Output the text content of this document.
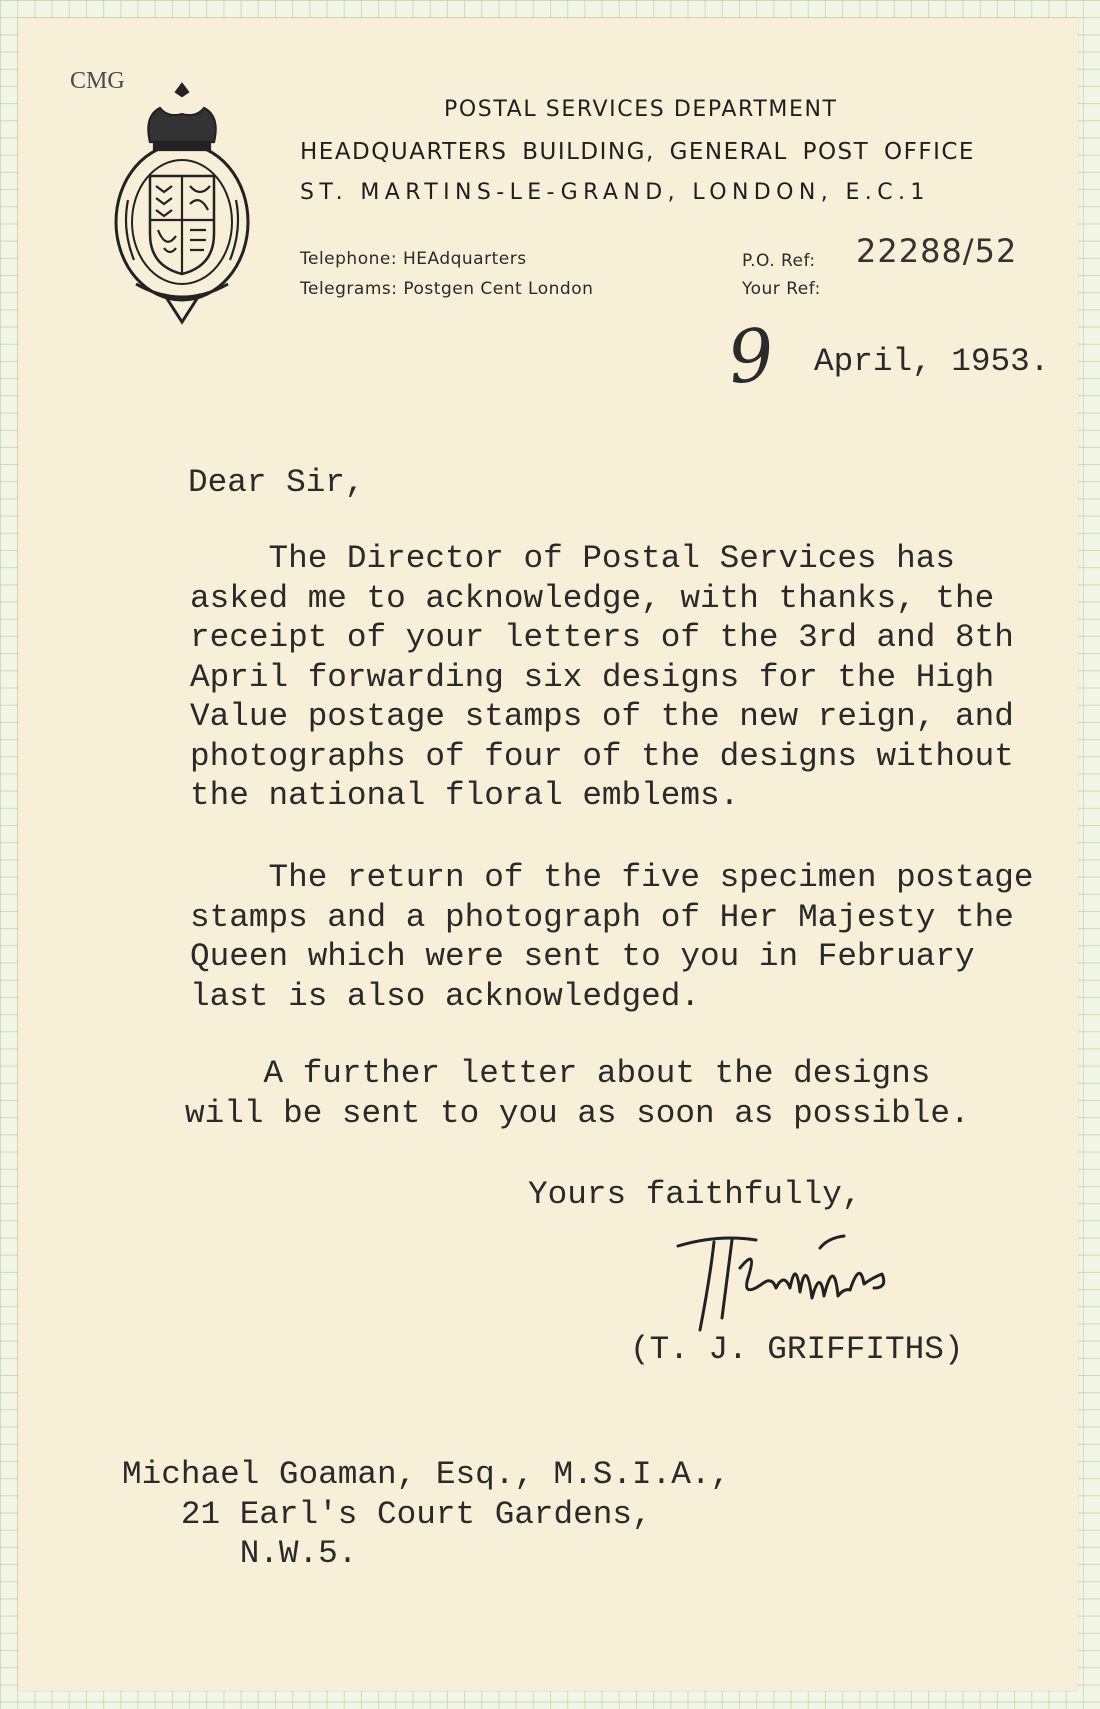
CMG
POSTAL SERVICES DEPARTMENT
HEADQUARTERS BUILDING, GENERAL POST OFFICE
ST. MARTINS-LE-GRAND, LONDON, E.C.1
Telephone: HEAdquarters
Telegrams: Postgen Cent London
P.O. Ref:
Your Ref:
22288/52
9 April, 1953.
Dear Sir,
The Director of Postal Services has
asked me to acknowledge, with thanks, the
receipt of your letters of the 3rd and 8th
April forwarding six designs for the High
Value postage stamps of the new reign, and
photographs of four of the designs without
the national floral emblems.
The return of the five specimen postage
stamps and a photograph of Her Majesty the
Queen which were sent to you in February
last is also acknowledged.
A further letter about the designs
will be sent to you as soon as possible.
Yours faithfully,
(T. J. GRIFFITHS)
Michael Goaman, Esq., M.S.I.A.,
21 Earl's Court Gardens,
N.W.5.
